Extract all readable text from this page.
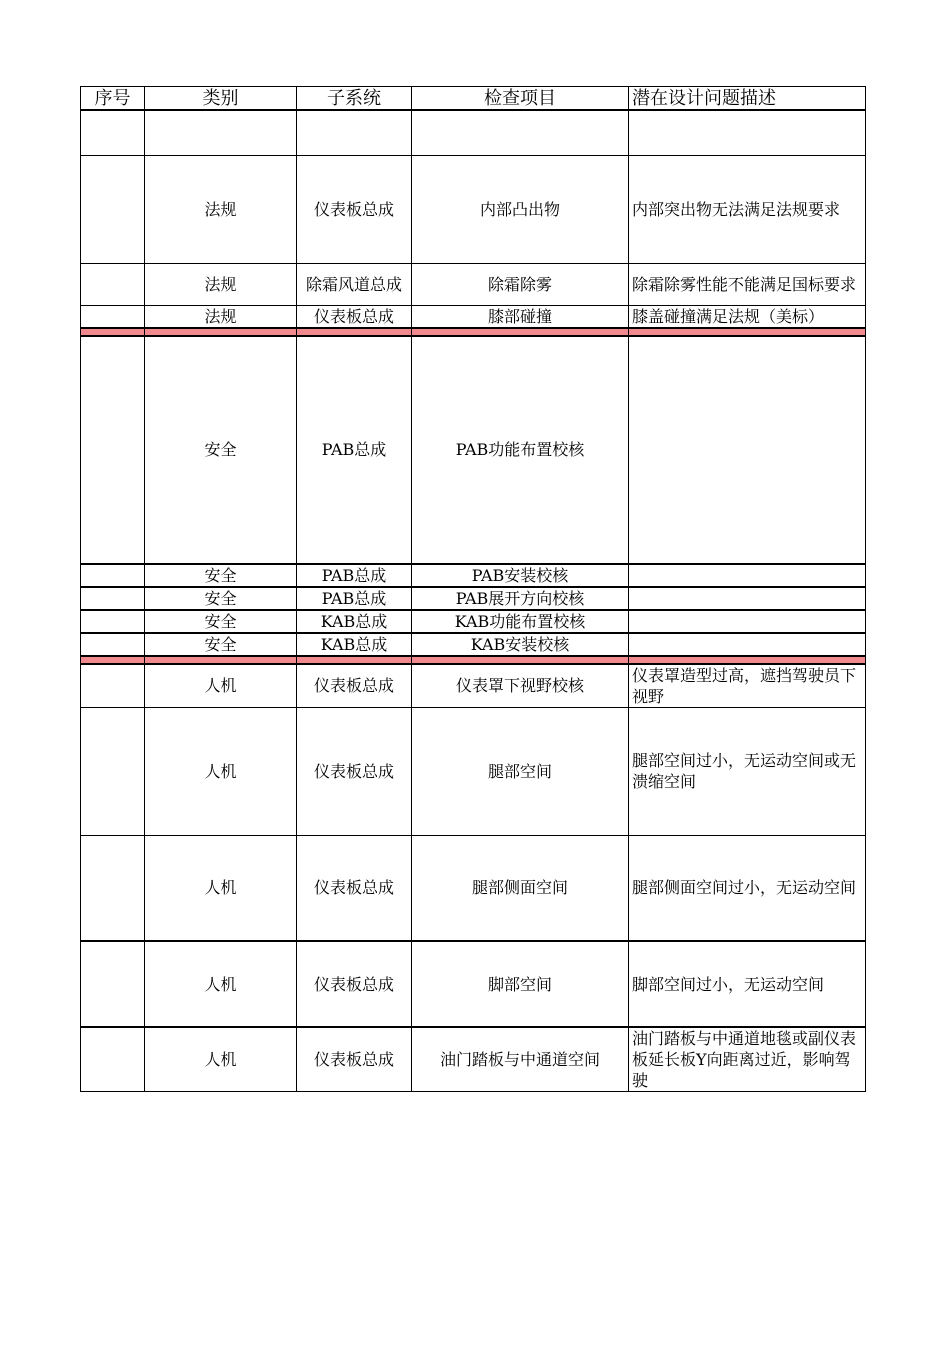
序号	类别	子系统	检查项目	潜在设计问题描述

	法规	仪表板总成	内部凸出物	内部突出物无法满足法规要求
	法规	除霜风道总成	除霜除雾	除霜除雾性能不能满足国标要求
	法规	仪表板总成	膝部碰撞	膝盖碰撞满足法规（美标）

	安全	PAB总成	PAB功能布置校核	
	安全	PAB总成	PAB安装校核	
	安全	PAB总成	PAB展开方向校核	
	安全	KAB总成	KAB功能布置校核	
	安全	KAB总成	KAB安装校核	

	人机	仪表板总成	仪表罩下视野校核	仪表罩造型过高，遮挡驾驶员下视野
	人机	仪表板总成	腿部空间	腿部空间过小，无运动空间或无溃缩空间
	人机	仪表板总成	腿部侧面空间	腿部侧面空间过小，无运动空间
	人机	仪表板总成	脚部空间	脚部空间过小，无运动空间
	人机	仪表板总成	油门踏板与中通道空间	油门踏板与中通道地毯或副仪表板延长板Y向距离过近，影响驾驶
